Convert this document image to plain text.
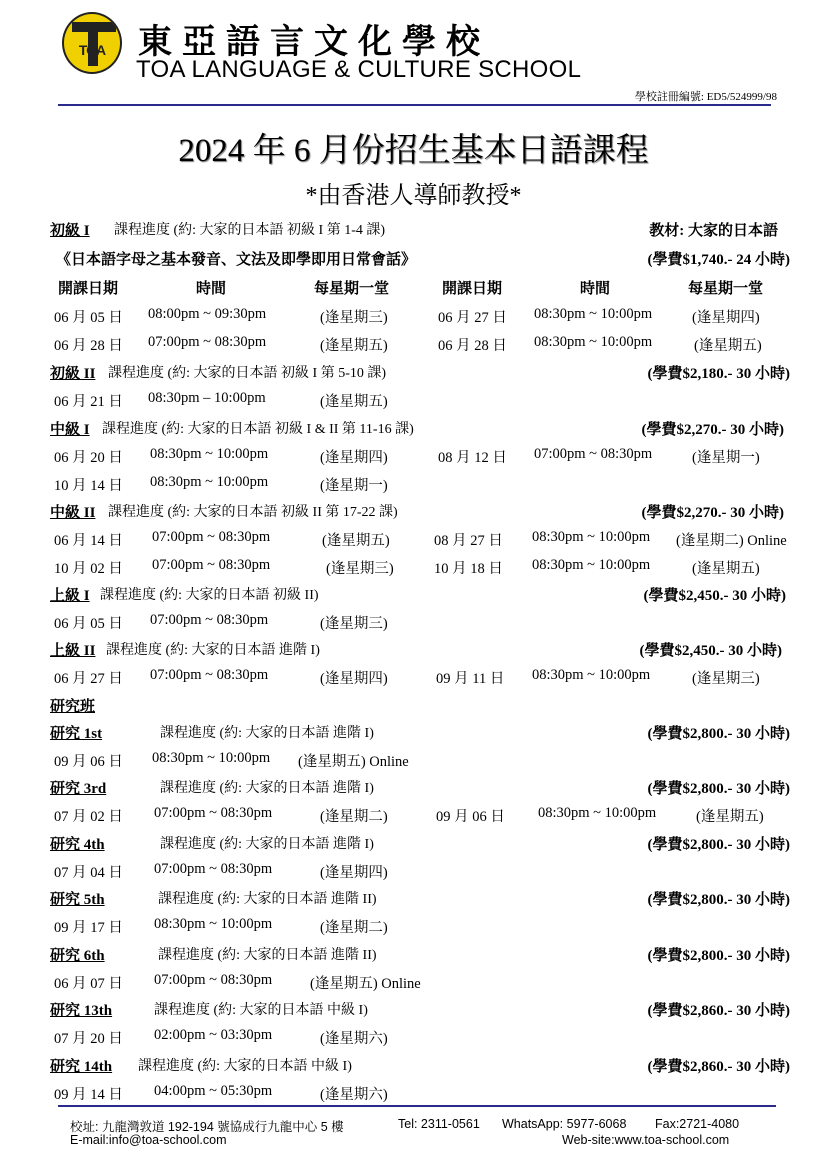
TOA 東亞語言文化學校
TOA LANGUAGE & CULTURE SCHOOL
學校註冊編號: ED5/524999/98
2024 年 6 月份招生基本日語課程
*由香港人導師教授*
初級 I 課程進度 (約: 大家的日本語 初級 I 第 1-4 課)	教材: 大家的日本語
《日本語字母之基本發音、文法及即學即用日常會話》	(學費$1,740.- 24 小時)
開課日期	時間	每星期一堂	開課日期	時間	每星期一堂
06 月 05 日 08:00pm ~ 09:30pm	(逢星期三)	06 月 27 日 08:30pm ~ 10:00pm	(逢星期四)
06 月 28 日 07:00pm ~ 08:30pm	(逢星期五)	06 月 28 日 08:30pm ~ 10:00pm	(逢星期五)
初級 II 課程進度 (約: 大家的日本語 初級 I 第 5-10 課)	(學費$2,180.- 30 小時)
06 月 21 日 08:30pm – 10:00pm	(逢星期五)
中級 I 課程進度 (約: 大家的日本語 初級 I & II 第 11-16 課)	(學費$2,270.- 30 小時)
06 月 20 日 08:30pm ~ 10:00pm	(逢星期四)	08 月 12 日 07:00pm ~ 08:30pm	(逢星期一)
10 月 14 日 08:30pm ~ 10:00pm	(逢星期一)
中級 II 課程進度 (約: 大家的日本語 初級 II 第 17-22 課)	(學費$2,270.- 30 小時)
06 月 14 日 07:00pm ~ 08:30pm	(逢星期五)	08 月 27 日 08:30pm ~ 10:00pm (逢星期二) Online
10 月 02 日 07:00pm ~ 08:30pm	(逢星期三)	10 月 18 日 08:30pm ~ 10:00pm	(逢星期五)
上級 I 課程進度 (約: 大家的日本語 初級 II)	(學費$2,450.- 30 小時)
06 月 05 日 07:00pm ~ 08:30pm	(逢星期三)
上級 II 課程進度 (約: 大家的日本語 進階 I)	(學費$2,450.- 30 小時)
06 月 27 日 07:00pm ~ 08:30pm	(逢星期四)	09 月 11 日 08:30pm ~ 10:00pm	(逢星期三)
研究班
研究 1st	課程進度 (約: 大家的日本語 進階 I)	(學費$2,800.- 30 小時)
09 月 06 日 08:30pm ~ 10:00pm (逢星期五) Online
研究 3rd	課程進度 (約: 大家的日本語 進階 I)	(學費$2,800.- 30 小時)
07 月 02 日 07:00pm ~ 08:30pm	(逢星期二)	09 月 06 日 08:30pm ~ 10:00pm	(逢星期五)
研究 4th	課程進度 (約: 大家的日本語 進階 I)	(學費$2,800.- 30 小時)
07 月 04 日 07:00pm ~ 08:30pm	(逢星期四)
研究 5th	課程進度 (約: 大家的日本語 進階 II)	(學費$2,800.- 30 小時)
09 月 17 日 08:30pm ~ 10:00pm	(逢星期二)
研究 6th	課程進度 (約: 大家的日本語 進階 II)	(學費$2,800.- 30 小時)
06 月 07 日 07:00pm ~ 08:30pm	(逢星期五) Online
研究 13th	課程進度 (約: 大家的日本語 中級 I)	(學費$2,860.- 30 小時)
07 月 20 日 02:00pm ~ 03:30pm	(逢星期六)
研究 14th 課程進度 (約: 大家的日本語 中級 I)	(學費$2,860.- 30 小時)
09 月 14 日 04:00pm ~ 05:30pm	(逢星期六)
校址: 九龍灣敦道 192-194 號協成行九龍中心 5 樓	Tel: 2311-0561 WhatsApp: 5977-6068 Fax:2721-4080
E-mail:info@toa-school.com	Web-site:www.toa-school.com
